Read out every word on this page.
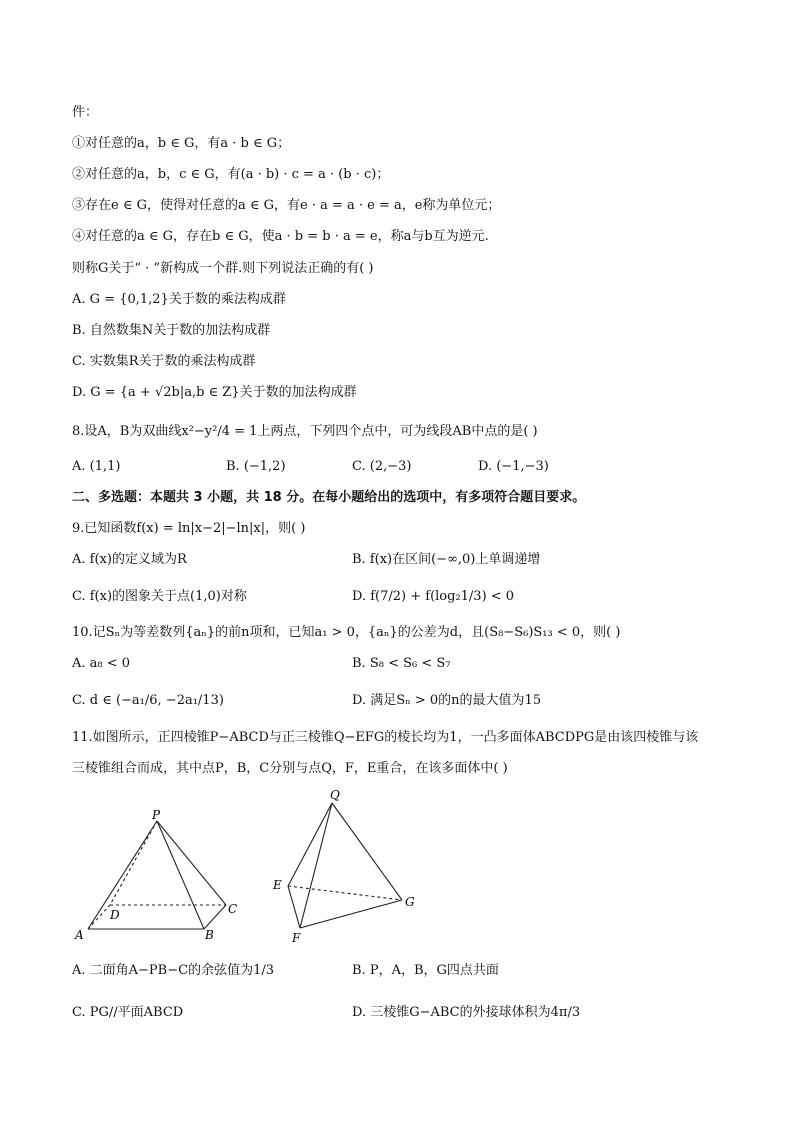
件：
①对任意的a，b ∈ G，有a · b ∈ G；
②对任意的a，b，c ∈ G，有(a · b) · c = a · (b · c)；
③存在e ∈ G，使得对任意的a ∈ G，有e · a = a · e = a，e称为单位元；
④对任意的a ∈ G，存在b ∈ G，使a · b = b · a = e，称a与b互为逆元.
则称G关于“ · ”新构成一个群.则下列说法正确的有( )
A. G = {0,1,2}关于数的乘法构成群
B. 自然数集N关于数的加法构成群
C. 实数集R关于数的乘法构成群
D. G = {a + √2b|a,b ∈ Z}关于数的加法构成群
8.设A，B为双曲线x²−y²/4 = 1上两点，下列四个点中，可为线段AB中点的是( )
A. (1,1)	B. (−1,2)	C. (2,−3)	D. (−1,−3)
二、多选题：本题共 3 小题，共 18 分。在每小题给出的选项中，有多项符合题目要求。
9.已知函数f(x) = ln|x−2|−ln|x|，则( )
A. f(x)的定义域为R	B. f(x)在区间(−∞,0)上单调递增
C. f(x)的图象关于点(1,0)对称	D. f(7/2) + f(log₂1/3) < 0
10.记Sₙ为等差数列{aₙ}的前n项和，已知a₁ > 0，{aₙ}的公差为d，且(S₈−S₆)S₁₃ < 0，则( )
A. a₈ < 0	B. S₈ < S₆ < S₇
C. d ∈ (−a₁/6, −2a₁/13)	D. 满足Sₙ > 0的n的最大值为15
11.如图所示，正四棱锥P−ABCD与正三棱锥Q−EFG的棱长均为1，一凸多面体ABCDPG是由该四棱锥与该
三棱锥组合而成，其中点P，B，C分别与点Q，F，E重合，在该多面体中( )
P
A	B
C
D
Q
E
F
G
A. 二面角A−PB−C的余弦值为1/3	B. P，A，B，G四点共面
C. PG//平面ABCD	D. 三棱锥G−ABC的外接球体积为4π/3
